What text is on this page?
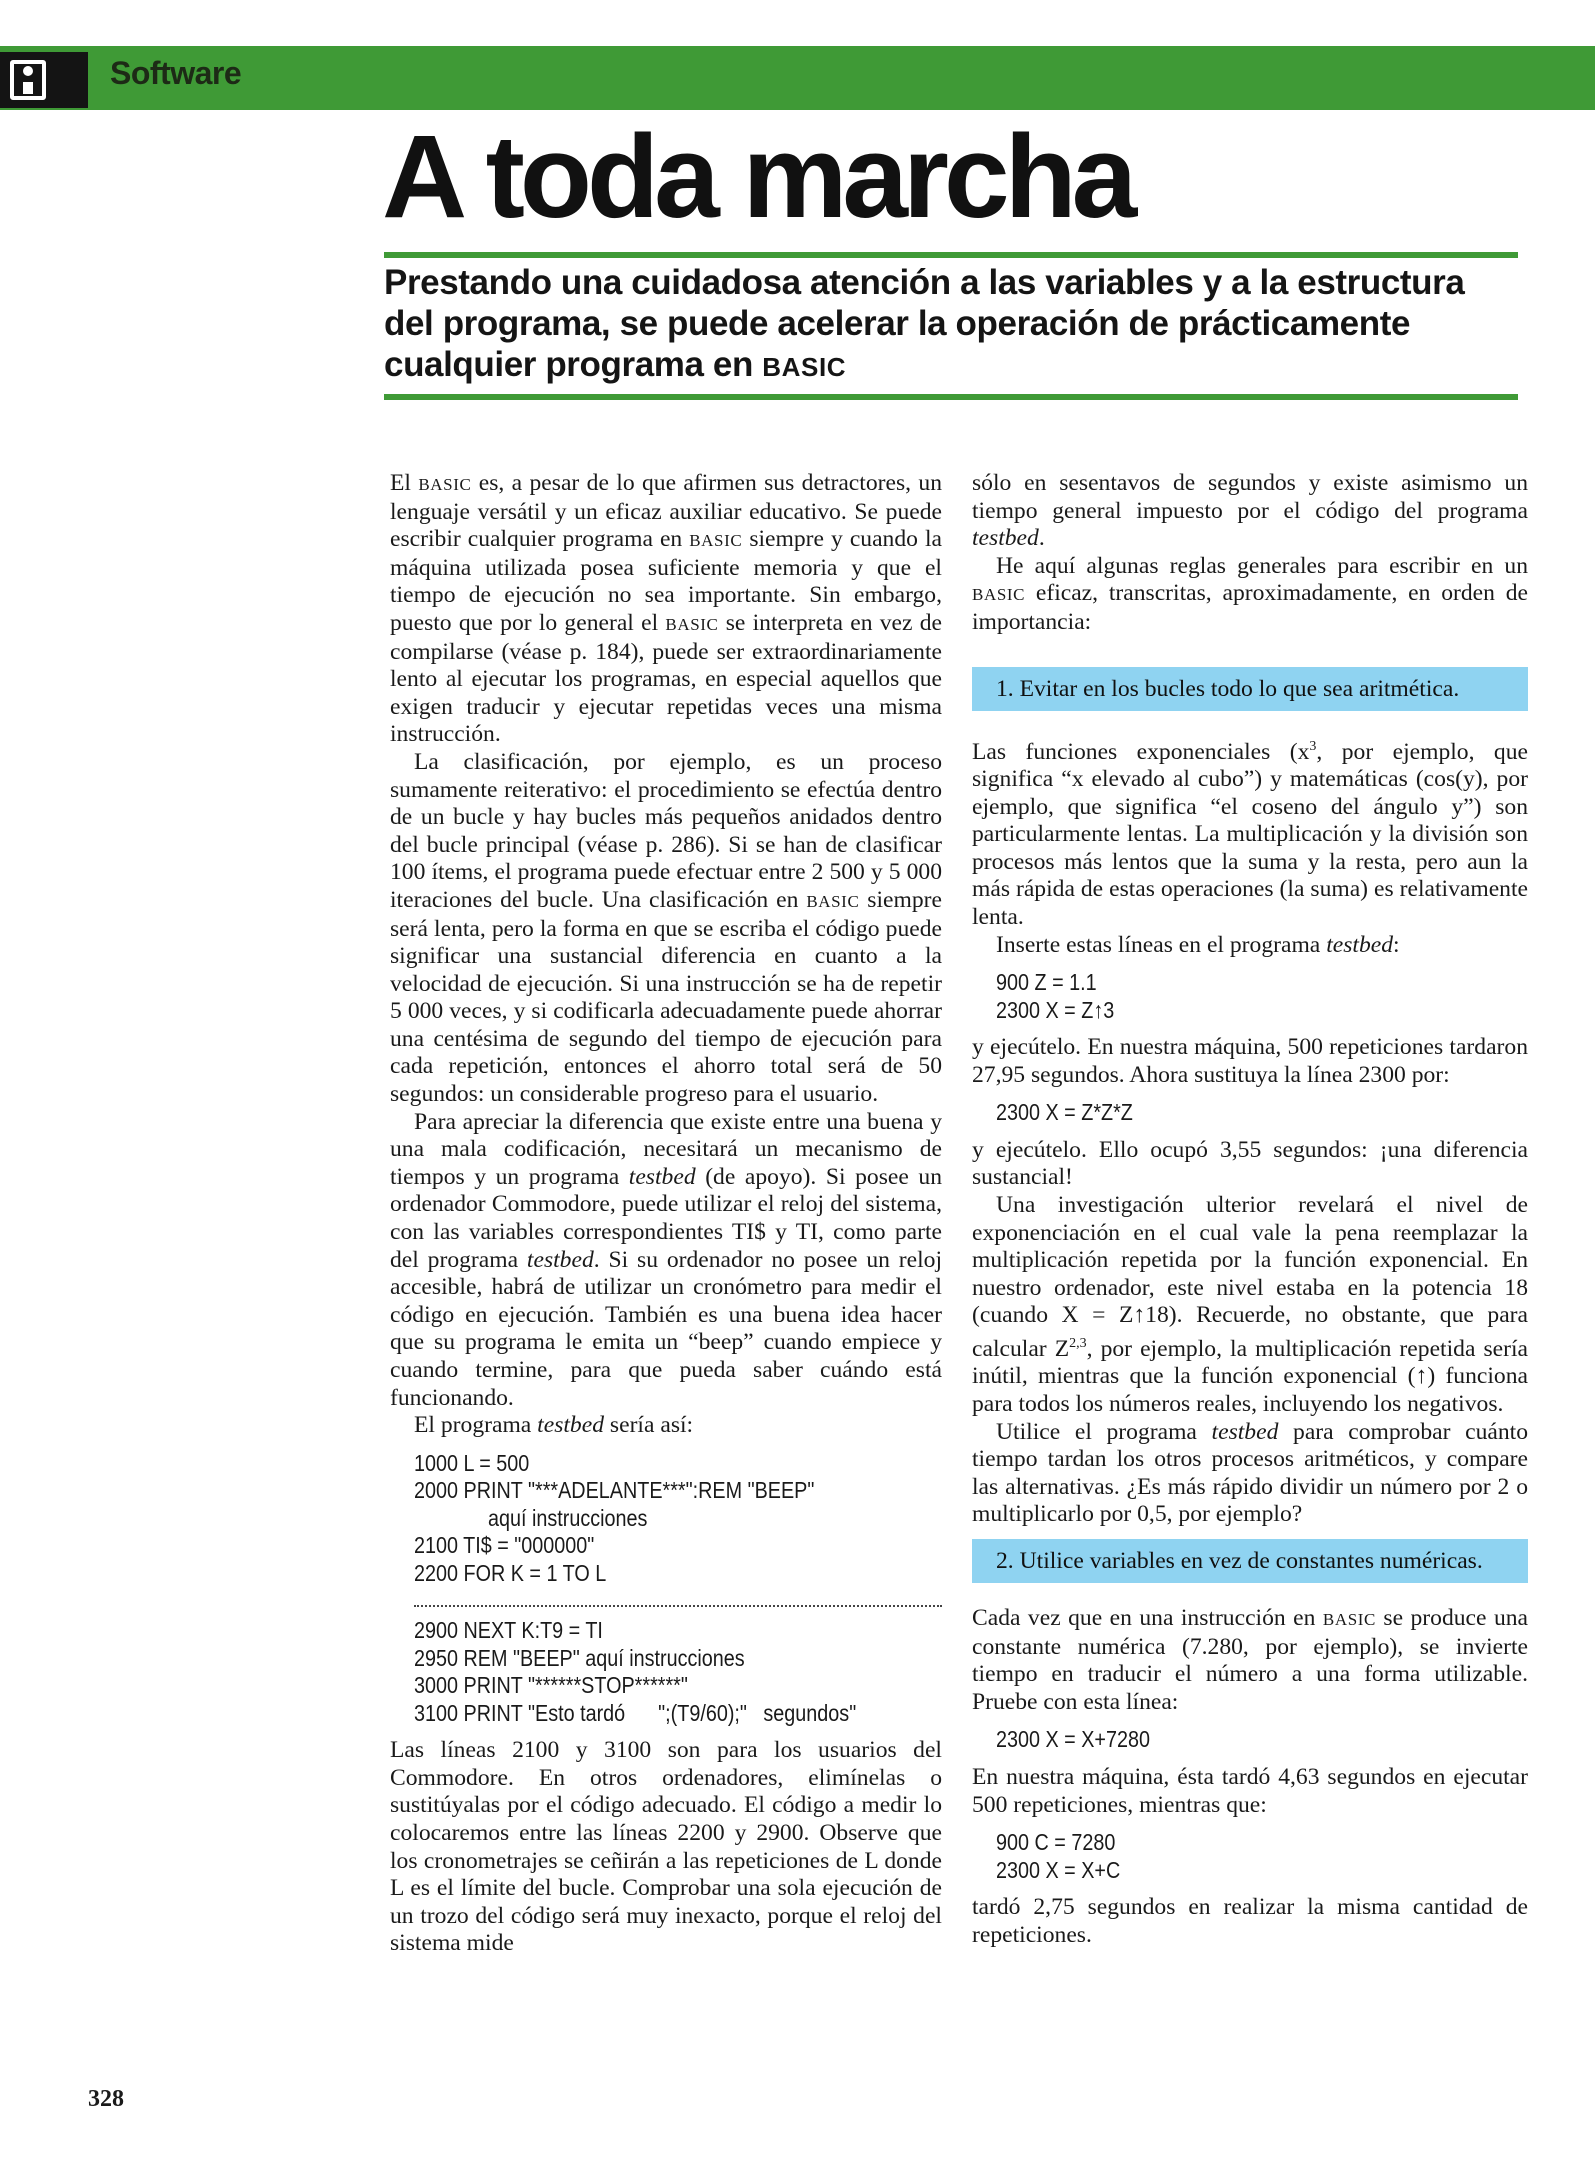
Software
A toda marcha
Prestando una cuidadosa atención a las variables y a la estructura del programa, se puede acelerar la operación de prácticamente cualquier programa en BASIC

El BASIC es, a pesar de lo que afirmen sus detractores, un lenguaje versátil y un eficaz auxiliar educativo. Se puede escribir cualquier programa en BASIC siempre y cuando la máquina utilizada posea suficiente memoria y que el tiempo de ejecución no sea importante. Sin embargo, puesto que por lo general el BASIC se interpreta en vez de compilarse (véase p. 184), puede ser extraordinariamente lento al ejecutar los programas, en especial aquellos que exigen traducir y ejecutar repetidas veces una misma instrucción.

La clasificación, por ejemplo, es un proceso sumamente reiterativo: el procedimiento se efectúa dentro de un bucle y hay bucles más pequeños anidados dentro del bucle principal (véase p. 286). Si se han de clasificar 100 ítems, el programa puede efectuar entre 2 500 y 5 000 iteraciones del bucle. Una clasificación en BASIC siempre será lenta, pero la forma en que se escriba el código puede significar una sustancial diferencia en cuanto a la velocidad de ejecución. Si una instrucción se ha de repetir 5 000 veces, y si codificarla adecuadamente puede ahorrar una centésima de segundo del tiempo de ejecución para cada repetición, entonces el ahorro total será de 50 segundos: un considerable progreso para el usuario.

Para apreciar la diferencia que existe entre una buena y una mala codificación, necesitará un mecanismo de tiempos y un programa testbed (de apoyo). Si posee un ordenador Commodore, puede utilizar el reloj del sistema, con las variables correspondientes TI$ y TI, como parte del programa testbed. Si su ordenador no posee un reloj accesible, habrá de utilizar un cronómetro para medir el código en ejecución. También es una buena idea hacer que su programa le emita un “beep” cuando empiece y cuando termine, para que pueda saber cuándo está funcionando.

El programa testbed sería así:

1000 L = 500
2000 PRINT "***ADELANTE***":REM "BEEP"
aquí instrucciones
2100 TI$ = "000000"
2200 FOR K = 1 TO L
2900 NEXT K:T9 = TI
2950 REM "BEEP" aquí instrucciones
3000 PRINT "******STOP******"
3100 PRINT "Esto tardó      ";(T9/60);"   segundos"

Las líneas 2100 y 3100 son para los usuarios del Commodore. En otros ordenadores, elimínelas o sustitúyalas por el código adecuado. El código a medir lo colocaremos entre las líneas 2200 y 2900. Observe que los cronometrajes se ceñirán a las repeticiones de L donde L es el límite del bucle. Comprobar una sola ejecución de un trozo del código será muy inexacto, porque el reloj del sistema mide

sólo en sesentavos de segundos y existe asimismo un tiempo general impuesto por el código del programa testbed.

He aquí algunas reglas generales para escribir en un BASIC eficaz, transcritas, aproximadamente, en orden de importancia:

1. Evitar en los bucles todo lo que sea aritmética.

Las funciones exponenciales ($x^3$, por ejemplo, que significa “x elevado al cubo”) y matemáticas (cos(y), por ejemplo, que significa “el coseno del ángulo y”) son particularmente lentas. La multiplicación y la división son procesos más lentos que la suma y la resta, pero aun la más rápida de estas operaciones (la suma) es relativamente lenta.

Inserte estas líneas en el programa testbed:

900 Z = 1.1
2300 X = Z↑3

y ejecútelo. En nuestra máquina, 500 repeticiones tardaron 27,95 segundos. Ahora sustituya la línea 2300 por:

2300 X = Z*Z*Z

y ejecútelo. Ello ocupó 3,55 segundos: ¡una diferencia sustancial!

Una investigación ulterior revelará el nivel de exponenciación en el cual vale la pena reemplazar la multiplicación repetida por la función exponencial. En nuestro ordenador, este nivel estaba en la potencia 18 (cuando X = Z↑18). Recuerde, no obstante, que para calcular Z$^{2,3}$, por ejemplo, la multiplicación repetida sería inútil, mientras que la función exponencial (↑) funciona para todos los números reales, incluyendo los negativos.

Utilice el programa testbed para comprobar cuánto tiempo tardan los otros procesos aritméticos, y compare las alternativas. ¿Es más rápido dividir un número por 2 o multiplicarlo por 0,5, por ejemplo?

2. Utilice variables en vez de constantes numéricas.

Cada vez que en una instrucción en BASIC se produce una constante numérica (7.280, por ejemplo), se invierte tiempo en traducir el número a una forma utilizable. Pruebe con esta línea:

2300 X = X+7280

En nuestra máquina, ésta tardó 4,63 segundos en ejecutar 500 repeticiones, mientras que:

900 C = 7280
2300 X = X+C

tardó 2,75 segundos en realizar la misma cantidad de repeticiones.

328
